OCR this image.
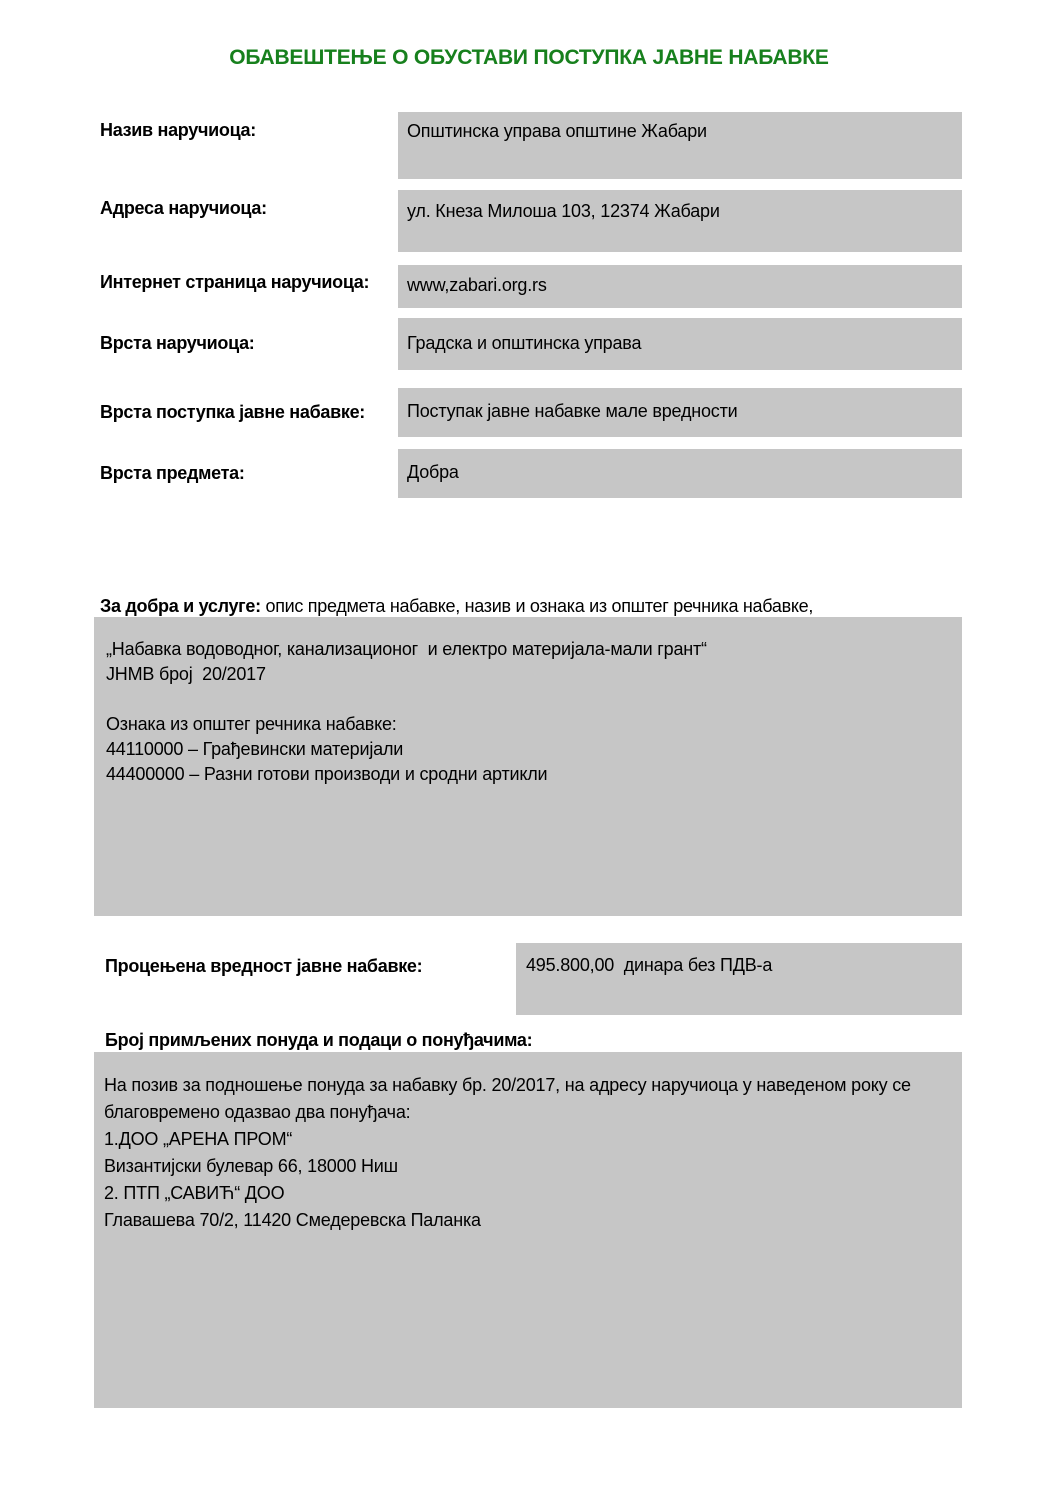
ОБАВЕШТЕЊЕ О ОБУСТАВИ ПОСТУПКА ЈАВНЕ НАБАВКЕ
Назив наручиоца:	Општинска управа општине Жабари
Адреса наручиоца:	ул. Кнеза Милоша 103, 12374 Жабари
Интернет страница наручиоца:	www,zabari.org.rs
Врста наручиоца:	Градска и општинска управа
Врста поступка јавне набавке:	Поступак јавне набавке мале вредности
Врста предмета:	Добра

За добра и услуге: опис предмета набавке, назив и ознака из општег речника набавке,

„Набавка водоводног, канализационог  и електро материјала-мали грант“
ЈНМВ број  20/2017
Ознака из општег речника набавке:
44110000 – Грађевински материјали
44400000 – Разни готови производи и сродни артикли
Процењена вредност јавне набавке:	495.800,00  динара без ПДВ-а
Број примљених понуда и подаци о понуђачима:
На позив за подношење понуда за набавку бр. 20/2017, на адресу наручиоца у наведеном року се  благовремено одазвао два понуђача:
1.ДОО „АРЕНА ПРОМ“
Византијски булевар 66, 18000 Ниш
2. ПТП „САВИЋ“ ДОО
Главашева 70/2, 11420 Смедеревска Паланка
